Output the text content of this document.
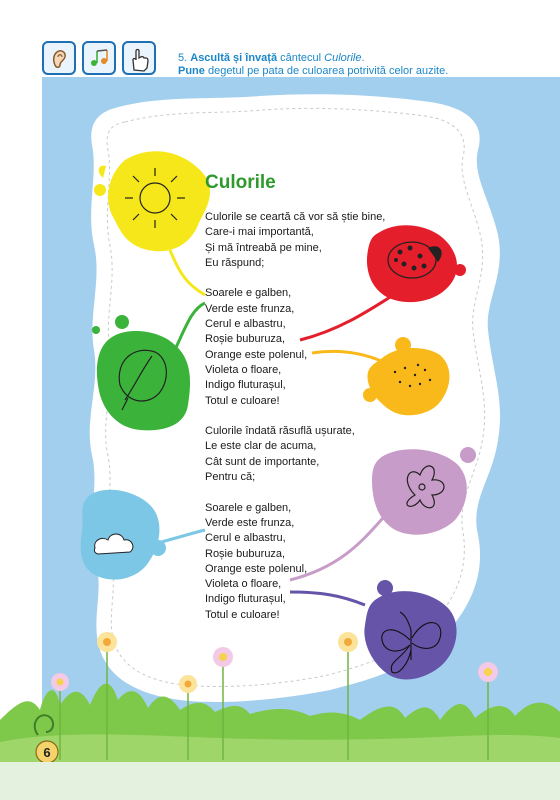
5. Ascultă și învață cântecul Culorile.
Pune degetul pe pata de culoarea potrivită celor auzite.
Culorile
Culorile se ceartă că vor să știe bine,
Care-i mai importantă,
Și mă întreabă pe mine,
Eu răspund;
Soarele e galben,
Verde este frunza,
Cerul e albastru,
Roșie buburuza,
Orange este polenul,
Violeta o floare,
Indigo fluturașul,
Totul e culoare!
Culorile îndată răsuflă ușurate,
Le este clar de acuma,
Cât sunt de importante,
Pentru că;
Soarele e galben,
Verde este frunza,
Cerul e albastru,
Roșie buburuza,
Orange este polenul,
Violeta o floare,
Indigo fluturașul,
Totul e culoare!
6
